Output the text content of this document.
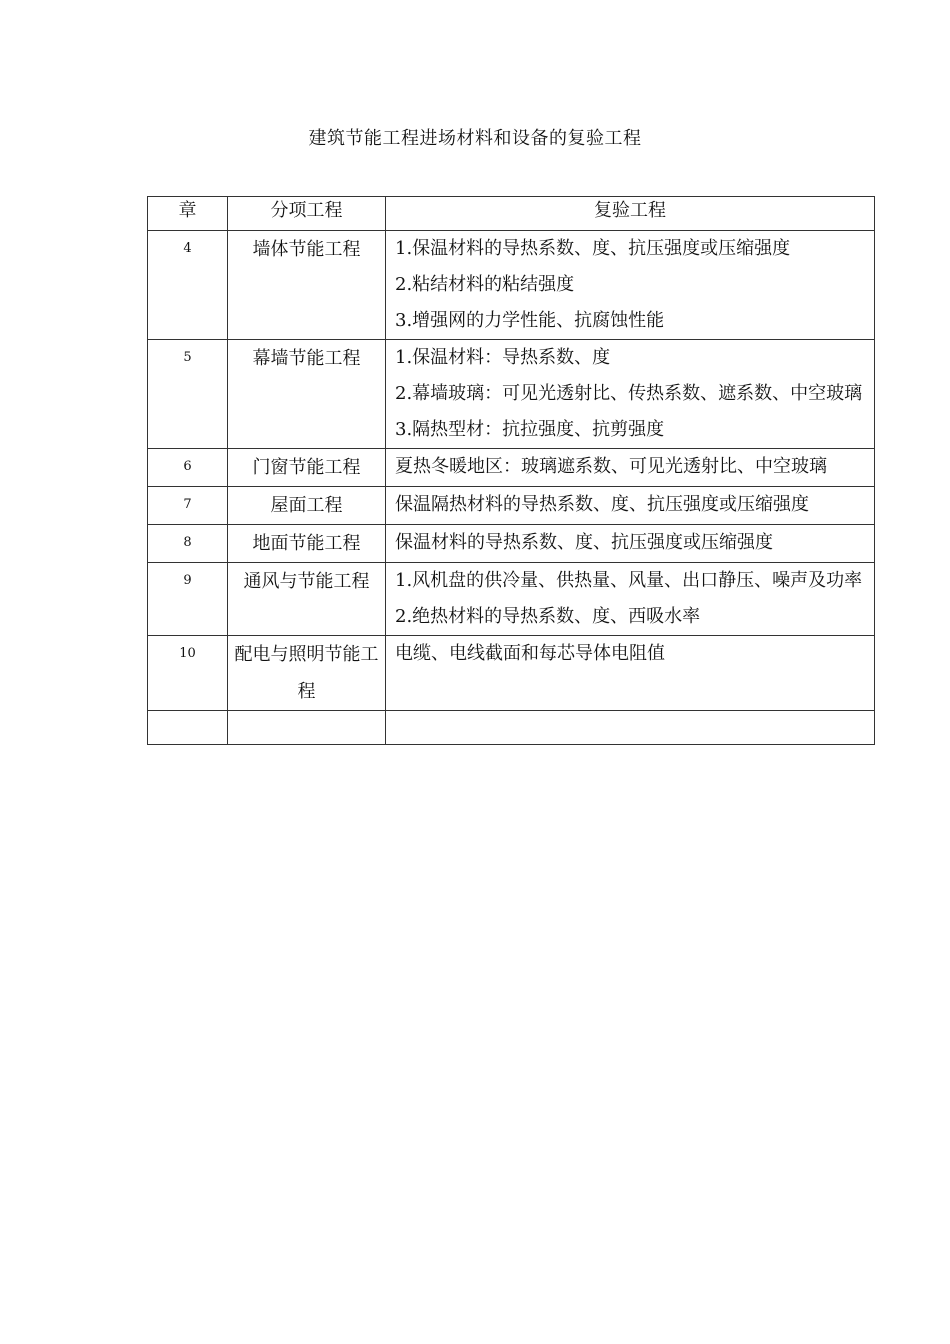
建筑节能工程进场材料和设备的复验工程
章	分项工程	复验工程
4	墙体节能工程	1.保温材料的导热系数、度、抗压强度或压缩强度

2.粘结材料的粘结强度

3.增强网的力学性能、抗腐蚀性能

5	幕墙节能工程	1.保温材料：导热系数、度

2.幕墙玻璃：可见光透射比、传热系数、遮系数、中空玻璃

3.隔热型材：抗拉强度、抗剪强度

6	门窗节能工程	夏热冬暖地区：玻璃遮系数、可见光透射比、中空玻璃

7	屋面工程	保温隔热材料的导热系数、度、抗压强度或压缩强度

8	地面节能工程	保温材料的导热系数、度、抗压强度或压缩强度

9	通风与节能工程	1.风机盘的供冷量、供热量、风量、出口静压、噪声及功率

2.绝热材料的导热系数、度、西吸水率

10	配电与照明节能工程	电缆、电线截面和每芯导体电阻值
